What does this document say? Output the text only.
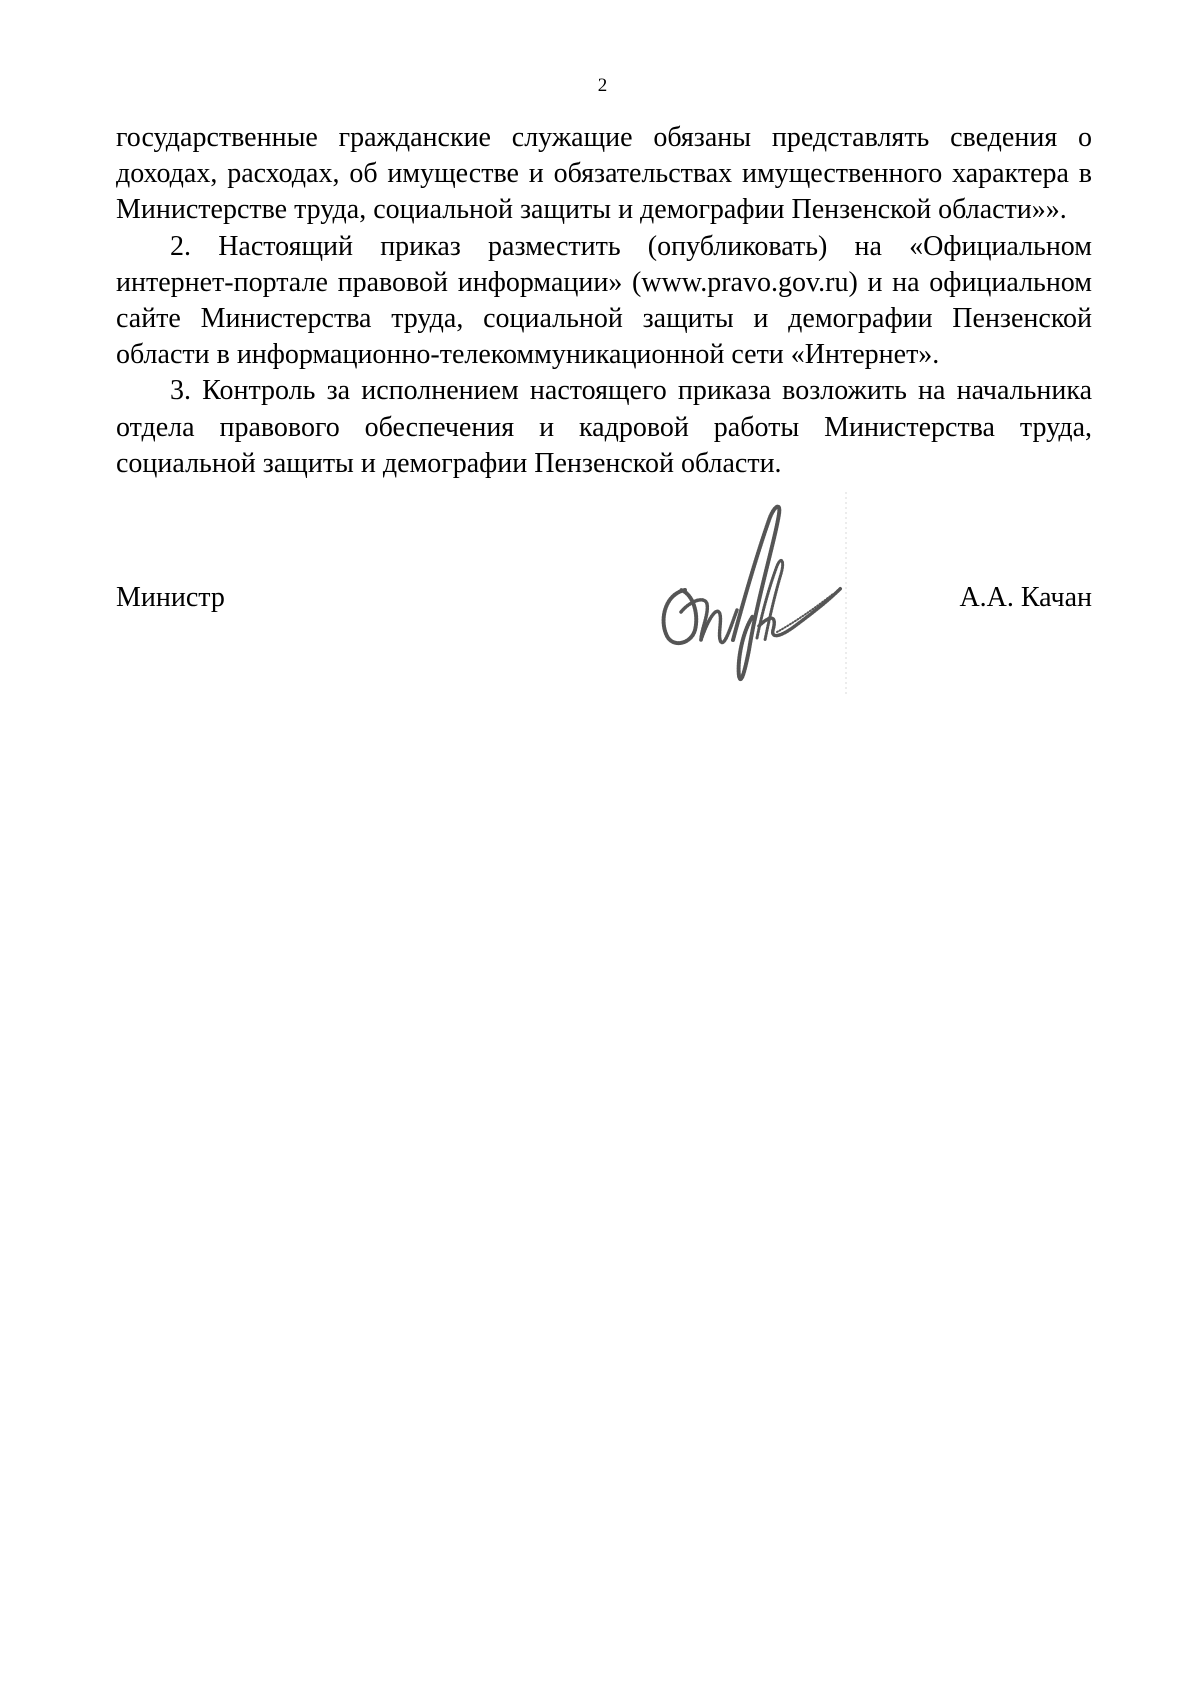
2

государственные гражданские служащие обязаны представлять сведения о доходах, расходах, об имуществе и обязательствах имущественного характера в Министерстве труда, социальной защиты и демографии Пензенской области»».

2. Настоящий приказ разместить (опубликовать) на «Официальном интернет-портале правовой информации» (www.pravo.gov.ru) и на официальном сайте Министерства труда, социальной защиты и демографии Пензенской области в информационно-телекоммуникационной сети «Интернет».

3. Контроль за исполнением настоящего приказа возложить на начальника отдела правового обеспечения и кадровой работы Министерства труда, социальной защиты и демографии Пензенской области.

Министр	А.А. Качан
